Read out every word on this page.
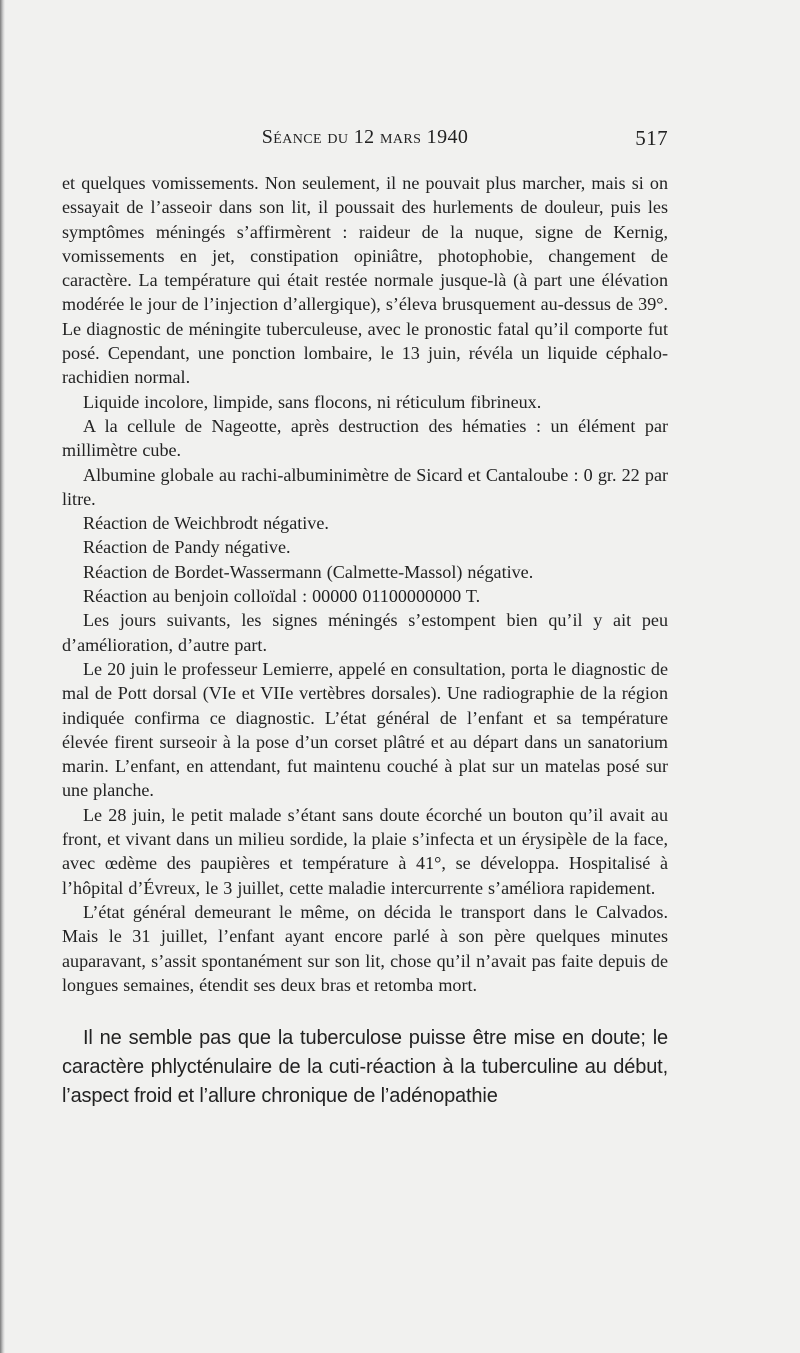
Séance du 12 mars 1940	517

et quelques vomissements. Non seulement, il ne pouvait plus marcher, mais si on essayait de l’asseoir dans son lit, il poussait des hurlements de douleur, puis les symptômes méningés s’affirmèrent : raideur de la nuque, signe de Kernig, vomissements en jet, constipation opiniâtre, photophobie, changement de caractère. La température qui était restée normale jusque-là (à part une élévation modérée le jour de l’injection d’allergique), s’éleva brusquement au-dessus de 39°. Le diagnostic de méningite tuberculeuse, avec le pronostic fatal qu’il comporte fut posé. Cependant, une ponction lombaire, le 13 juin, révéla un liquide céphalo-rachidien normal.

Liquide incolore, limpide, sans flocons, ni réticulum fibrineux.

A la cellule de Nageotte, après destruction des hématies : un élément par millimètre cube.

Albumine globale au rachi-albuminimètre de Sicard et Cantaloube : 0 gr. 22 par litre.

Réaction de Weichbrodt négative.

Réaction de Pandy négative.

Réaction de Bordet-Wassermann (Calmette-Massol) négative.

Réaction au benjoin colloïdal : 00000 01100000000 T.

Les jours suivants, les signes méningés s’estompent bien qu’il y ait peu d’amélioration, d’autre part.

Le 20 juin le professeur Lemierre, appelé en consultation, porta le diagnostic de mal de Pott dorsal (VIe et VIIe vertèbres dorsales). Une radiographie de la région indiquée confirma ce diagnostic. L’état général de l’enfant et sa température élevée firent surseoir à la pose d’un corset plâtré et au départ dans un sanatorium marin. L’enfant, en attendant, fut maintenu couché à plat sur un matelas posé sur une planche.

Le 28 juin, le petit malade s’étant sans doute écorché un bouton qu’il avait au front, et vivant dans un milieu sordide, la plaie s’infecta et un érysipèle de la face, avec œdème des paupières et température à 41°, se développa. Hospitalisé à l’hôpital d’Évreux, le 3 juillet, cette maladie intercurrente s’améliora rapidement.

L’état général demeurant le même, on décida le transport dans le Calvados. Mais le 31 juillet, l’enfant ayant encore parlé à son père quelques minutes auparavant, s’assit spontanément sur son lit, chose qu’il n’avait pas faite depuis de longues semaines, étendit ses deux bras et retomba mort.

Il ne semble pas que la tuberculose puisse être mise en doute; le caractère phlycténulaire de la cuti-réaction à la tuberculine au début, l’aspect froid et l’allure chronique de l’adénopathie
